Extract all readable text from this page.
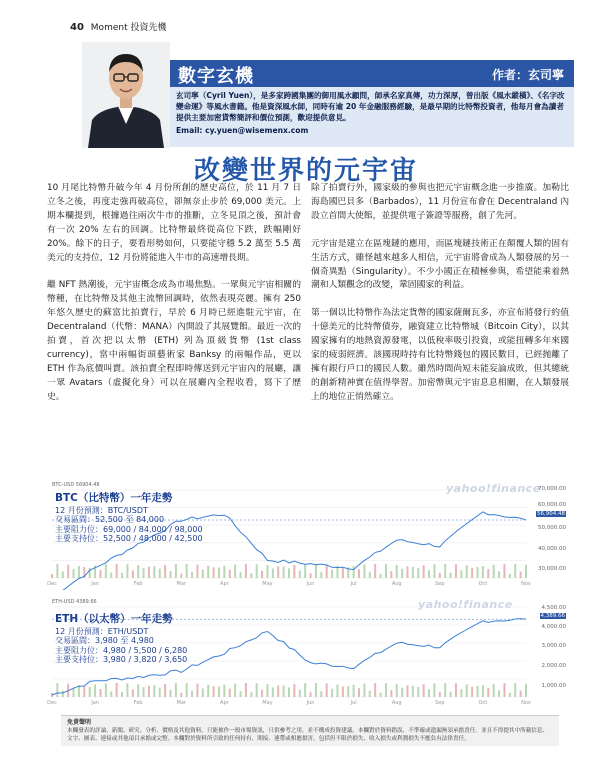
40 Moment 投資先機
數字玄機	作者：玄司寧
玄司寧（Cyril Yuen），是多家跨國集團的御用風水顧問，師承名家真傳，功力深厚，曾出版《風水縱橫》、《名字改變命運》等風水書籍。他是資深風水師，同時有逾 20 年金融服務經驗，是最早期的比特幣投資者，他每月會為讀者提供主要加密貨幣簡評和價位預測，歡迎提供意見。
Email: cy.yuen@wisemenx.com
改變世界的元宇宙

10 月尾比特幣升破今年 4 月份所創的歷史高位，於 11 月 7 日立冬之後，再度走強再破高位，卻無奈止步於 69,000 美元。上期本欄提到，根據過往兩次牛市的推斷，立冬見頂之後，預計會有一次 20% 左右的回調。比特幣最終從高位下跌，跌幅剛好 20%。餘下的日子，要看形勢如何，只要能守穩 5.2 萬至 5.5 萬美元的支持位，12 月份將能進入牛市的高速增長期。

繼 NFT 熱潮後，元宇宙概念成為市場焦點。一眾與元宇宙相關的幣種，在比特幣及其他主流幣回調時，依然表現亮麗。擁有 250 年悠久歷史的蘇富比拍賣行，早於 6 月時已經進駐元宇宙，在 Decentraland（代幣：MANA）內開設了其展覽館。最近一次的拍賣，首次把以太幣 (ETH) 列為頂級貨幣 (1st class currency)，當中兩幅街頭藝術家 Banksy 的兩幅作品，更以 ETH 作為底價叫賣。該拍賣全程即時傳送到元宇宙內的展廳，讓一眾 Avatars（虛擬化身）可以在展廳內全程收看，寫下了歷史。

除了拍賣行外，國家級的參與也把元宇宙概念進一步推廣。加勒比海島國巴貝多（Barbados），11 月份宣布會在 Decentraland 內設立首間大使館，並提供電子簽證等服務，創了先河。

元宇宙是建立在區塊鏈的應用，而區塊鏈技術正在顛覆人類的固有生活方式，雖怪越來越多人相信，元宇宙將會成為人類發展的另一個奇異點（Singularity）。不少小國正在積極參與，希望能乘着熱潮和人類觀念的改變，鞏固國家的利益。

第一個以比特幣作為法定貨幣的國家薩爾瓦多，亦宣布將發行約值十億美元的比特幣債券，融資建立比特幣城（Bitcoin City），以其國家擁有的地熱資源發電，以低稅率吸引投資，或能扭轉多年來國家的疲弱經濟。該國現時持有比特幣錢包的國民數目，已經抛離了擁有銀行戶口的國民人數。雖然時間尚短未能妄論成敗，但其總統的創新精神實在值得學習。加密幣與元宇宙息息相關，在人類發展上的地位正悄然確立。

Dec	Jan	Feb	Mar	Apr	May	Jun	Jul	Aug	Sep	Oct	Nov
BTC-USD 56904.48	yahoo!finance
BTC（比特幣）一年走勢
12 月份預測：BTC/USDT
交易區間：52,500 至 84,000
主要阻力位：69,000 / 84,000 / 98,000
主要支持位：52,500 / 48,000 / 42,500
70,000.00
60,000.00
56,904.48
50,000.00
40,000.00
30,000.00
Dec	Jan	Feb	Mar	Apr	May	Jun	Jul	Aug	Sep	Oct	Nov
ETH-USD 4389.66	yahoo!finance
ETH（以太幣）一年走勢
12 月份預測：ETH/USDT
交易區間：3,980 至 4,980
主要阻力位：4,980 / 5,500 / 6,280
主要支持位：3,980 / 3,820 / 3,650
4,500.00
4,389.66
4,000.00
3,000.00
2,000.00
1,000.00
免責聲明
本欄發表的評論、新聞、研究、分析、價格及其他資料，只能被作一般市場資訊，只供參考之用，並不構成投資建議。本欄對於資料錯誤、不準確或遺漏無須承擔責任。並且不得提其中所載信息、文字、圖表、連接或其他項目承擔或完整。本欄對於資料所引致的任何持有、間接、連帶或相應損害，包括但不限於損失、收入損失或利潤損失不應負有法律責任。
